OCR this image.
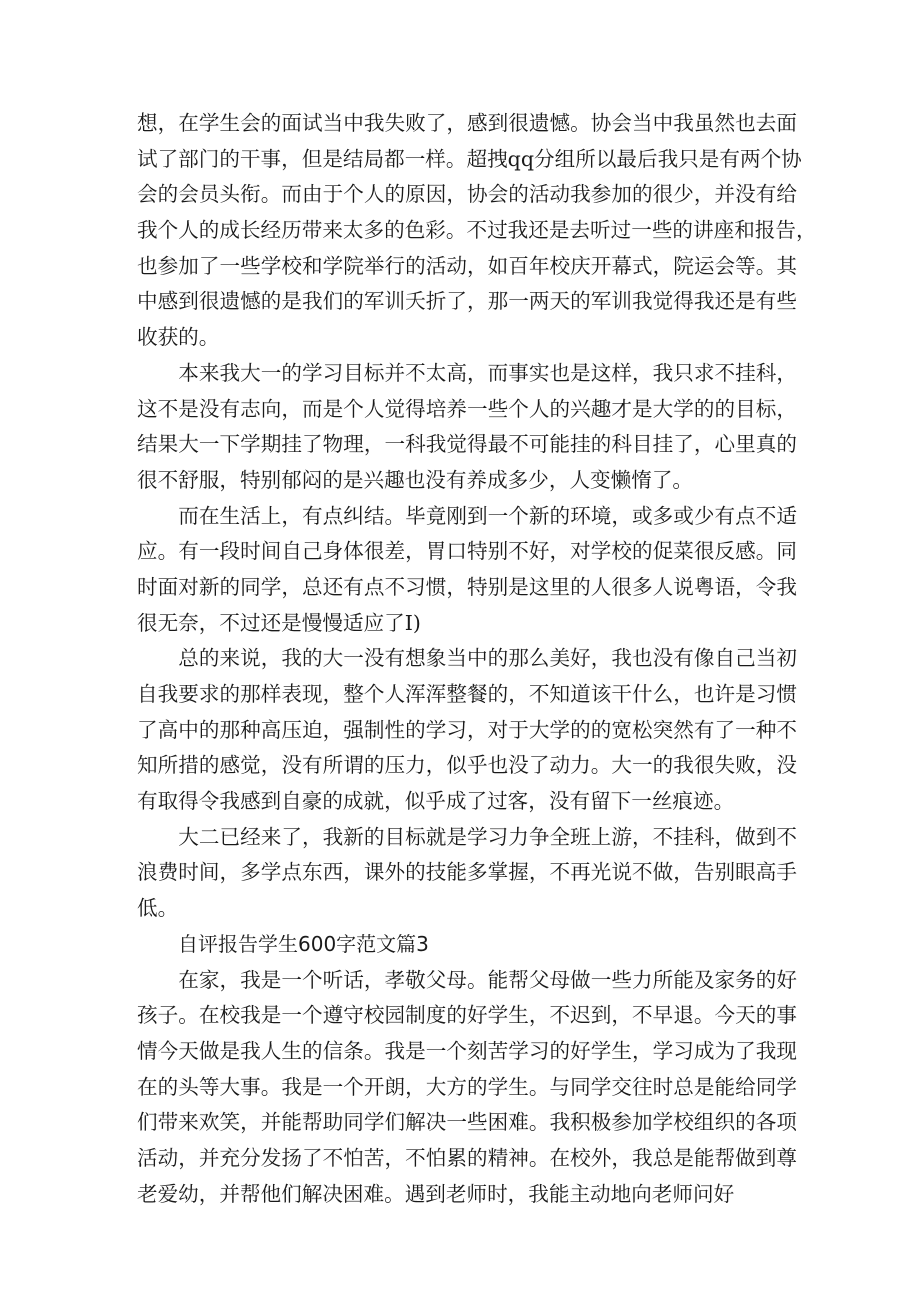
想，在学生会的面试当中我失败了，感到很遗憾。协会当中我虽然也去面
试了部门的干事，但是结局都一样。超拽qq分组所以最后我只是有两个协
会的会员头衔。而由于个人的原因，协会的活动我参加的很少，并没有给
我个人的成长经历带来太多的色彩。不过我还是去听过一些的讲座和报告，
也参加了一些学校和学院举行的活动，如百年校庆开幕式，院运会等。其
中感到很遗憾的是我们的军训夭折了，那一两天的军训我觉得我还是有些
收获的。
　　本来我大一的学习目标并不太高，而事实也是这样，我只求不挂科，
这不是没有志向，而是个人觉得培养一些个人的兴趣才是大学的的目标，
结果大一下学期挂了物理，一科我觉得最不可能挂的科目挂了，心里真的
很不舒服，特别郁闷的是兴趣也没有养成多少，人变懒惰了。
　　而在生活上，有点纠结。毕竟刚到一个新的环境，或多或少有点不适
应。有一段时间自己身体很差，胃口特别不好，对学校的促菜很反感。同
时面对新的同学，总还有点不习惯，特别是这里的人很多人说粤语，令我
很无奈，不过还是慢慢适应了I)
　　总的来说，我的大一没有想象当中的那么美好，我也没有像自己当初
自我要求的那样表现，整个人浑浑整餐的，不知道该干什么，也许是习惯
了高中的那种高压迫，强制性的学习，对于大学的的宽松突然有了一种不
知所措的感觉，没有所谓的压力，似乎也没了动力。大一的我很失败，没
有取得令我感到自豪的成就，似乎成了过客，没有留下一丝痕迹。
　　大二已经来了，我新的目标就是学习力争全班上游，不挂科，做到不
浪费时间，多学点东西，课外的技能多掌握，不再光说不做，告别眼高手
低。
自评报告学生600字范文篇3
　　在家，我是一个听话，孝敬父母。能帮父母做一些力所能及家务的好
孩子。在校我是一个遵守校园制度的好学生，不迟到，不早退。今天的事
情今天做是我人生的信条。我是一个刻苦学习的好学生，学习成为了我现
在的头等大事。我是一个开朗，大方的学生。与同学交往时总是能给同学
们带来欢笑，并能帮助同学们解决一些困难。我积极参加学校组织的各项
活动，并充分发扬了不怕苦，不怕累的精神。在校外，我总是能帮做到尊
老爱幼，并帮他们解决困难。遇到老师时，我能主动地向老师问好
